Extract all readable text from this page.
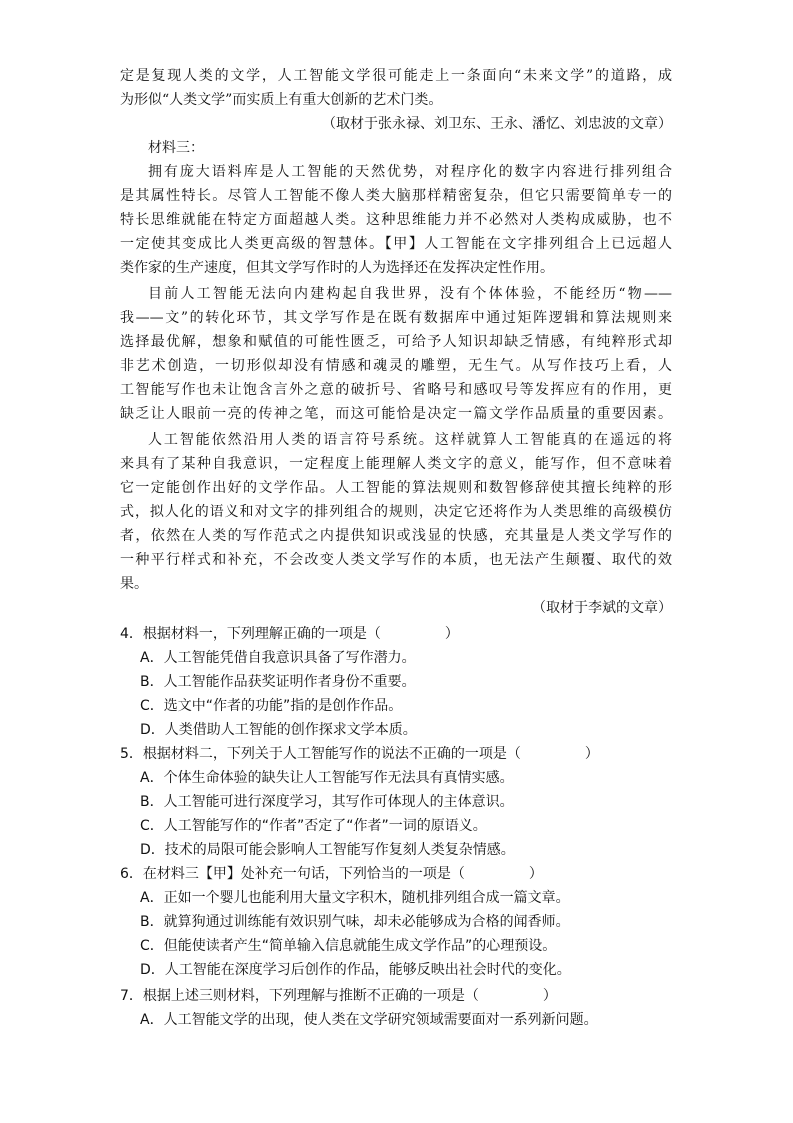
定是复现人类的文学，人工智能文学很可能走上一条面向“未来文学”的道路，成
为形似“人类文学”而实质上有重大创新的艺术门类。
（取材于张永禄、刘卫东、王永、潘忆、刘忠波的文章）
材料三：
拥有庞大语料库是人工智能的天然优势，对程序化的数字内容进行排列组合
是其属性特长。尽管人工智能不像人类大脑那样精密复杂，但它只需要简单专一的
特长思维就能在特定方面超越人类。这种思维能力并不必然对人类构成威胁，也不
一定使其变成比人类更高级的智慧体。【甲】人工智能在文字排列组合上已远超人
类作家的生产速度，但其文学写作时的人为选择还在发挥决定性作用。
目前人工智能无法向内建构起自我世界，没有个体体验，不能经历“物——
我——文”的转化环节，其文学写作是在既有数据库中通过矩阵逻辑和算法规则来
选择最优解，想象和赋值的可能性匮乏，可给予人知识却缺乏情感，有纯粹形式却
非艺术创造，一切形似却没有情感和魂灵的雕塑，无生气。从写作技巧上看，人
工智能写作也未让饱含言外之意的破折号、省略号和感叹号等发挥应有的作用，更
缺乏让人眼前一亮的传神之笔，而这可能恰是决定一篇文学作品质量的重要因素。
人工智能依然沿用人类的语言符号系统。这样就算人工智能真的在遥远的将
来具有了某种自我意识，一定程度上能理解人类文字的意义，能写作，但不意味着
它一定能创作出好的文学作品。人工智能的算法规则和数智修辞使其擅长纯粹的形
式，拟人化的语义和对文字的排列组合的规则，决定它还将作为人类思维的高级模仿
者，依然在人类的写作范式之内提供知识或浅显的快感，充其量是人类文学写作的
一种平行样式和补充，不会改变人类文学写作的本质，也无法产生颠覆、取代的效
果。
（取材于李斌的文章）
4．根据材料一，下列理解正确的一项是（	）
A．人工智能凭借自我意识具备了写作潜力。
B．人工智能作品获奖证明作者身份不重要。
C．选文中“作者的功能”指的是创作作品。
D．人类借助人工智能的创作探求文学本质。
5．根据材料二，下列关于人工智能写作的说法不正确的一项是（	）
A．个体生命体验的缺失让人工智能写作无法具有真情实感。
B．人工智能可进行深度学习，其写作可体现人的主体意识。
C．人工智能写作的“作者”否定了“作者”一词的原语义。
D．技术的局限可能会影响人工智能写作复刻人类复杂情感。
6．在材料三【甲】处补充一句话，下列恰当的一项是（	）
A．正如一个婴儿也能利用大量文字积木，随机排列组合成一篇文章。
B．就算狗通过训练能有效识别气味，却未必能够成为合格的闻香师。
C．但能使读者产生“简单输入信息就能生成文学作品”的心理预设。
D．人工智能在深度学习后创作的作品，能够反映出社会时代的变化。
7．根据上述三则材料，下列理解与推断不正确的一项是（	）
A．人工智能文学的出现，使人类在文学研究领域需要面对一系列新问题。
